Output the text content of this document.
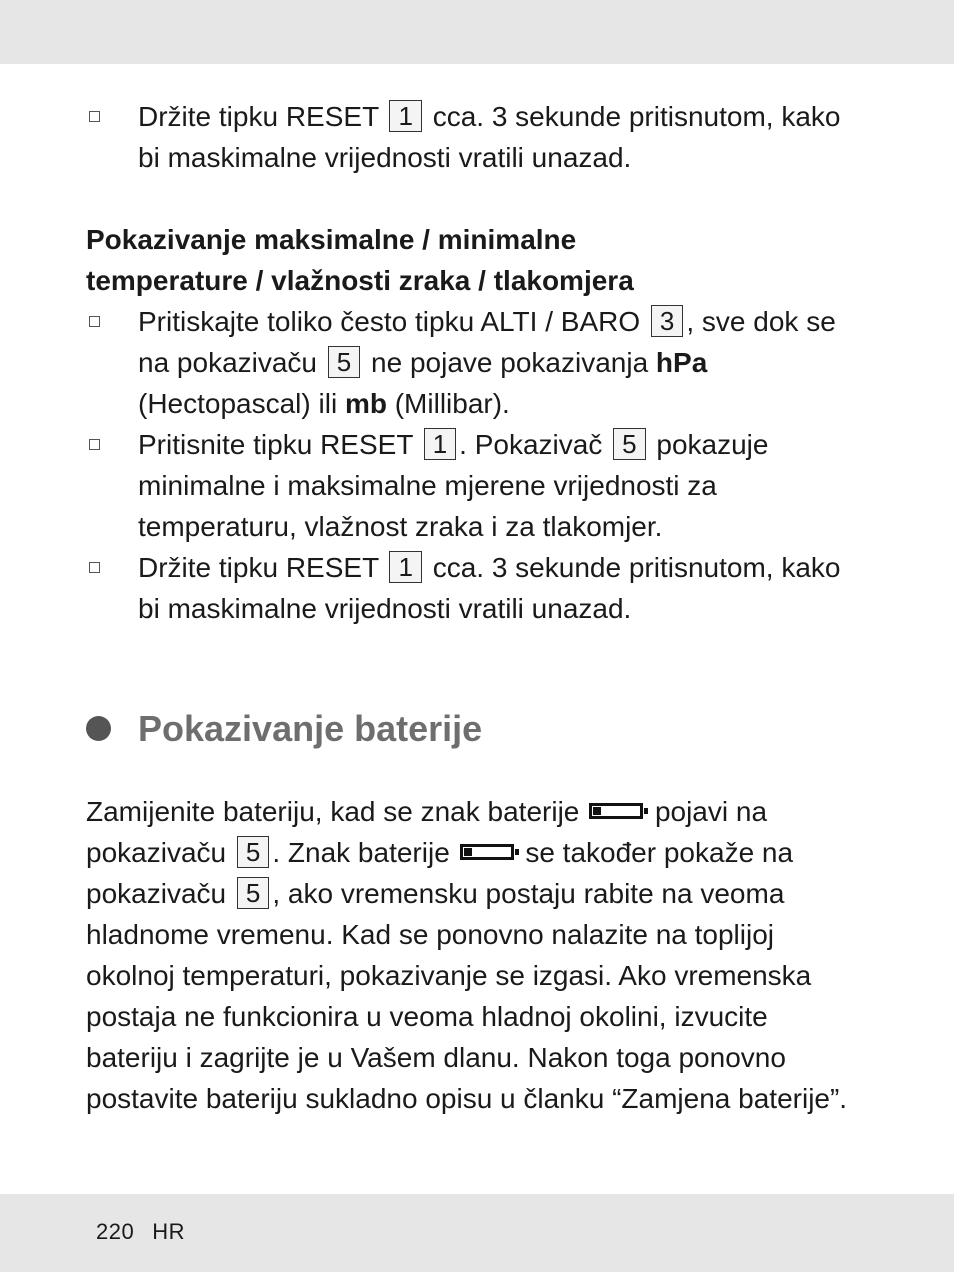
Držite tipku RESET 1 cca. 3 sekunde pritisnutom, kako bi maskimalne vrijednosti vratili unazad.
Pokazivanje maksimalne / minimalne
temperature / vlažnosti zraka / tlakomjera
Pritiskajte toliko često tipku ALTI / BARO 3 , sve dok se na pokazivaču 5 ne pojave pokazivanja hPa
(Hectopascal) ili mb (Millibar).
Pritisnite tipku RESET 1 . Pokazivač 5 pokazuje minimalne i maksimalne mjerene vrijednosti za temperaturu, vlažnost zraka i za tlakomjer.
Držite tipku RESET 1 cca. 3 sekunde pritisnutom, kako bi maskimalne vrijednosti vratili unazad.
Pokazivanje baterije
Zamijenite bateriju, kad se znak baterije	pojavi na pokazivaču 5 . Znak baterije	se također pokaže na pokazivaču 5 , ako vremensku postaju rabite na veoma hladnome vremenu. Kad se ponovno nalazite na toplijoj okolnoj temperaturi, pokazivanje se izgasi. Ako vremenska postaja ne funkcionira u veoma hladnoj okolini, izvucite bateriju i zagrijte je u Vašem dlanu. Nakon toga ponovno postavite bateriju sukladno opisu u članku “Zamjena baterije”.
220 HR
